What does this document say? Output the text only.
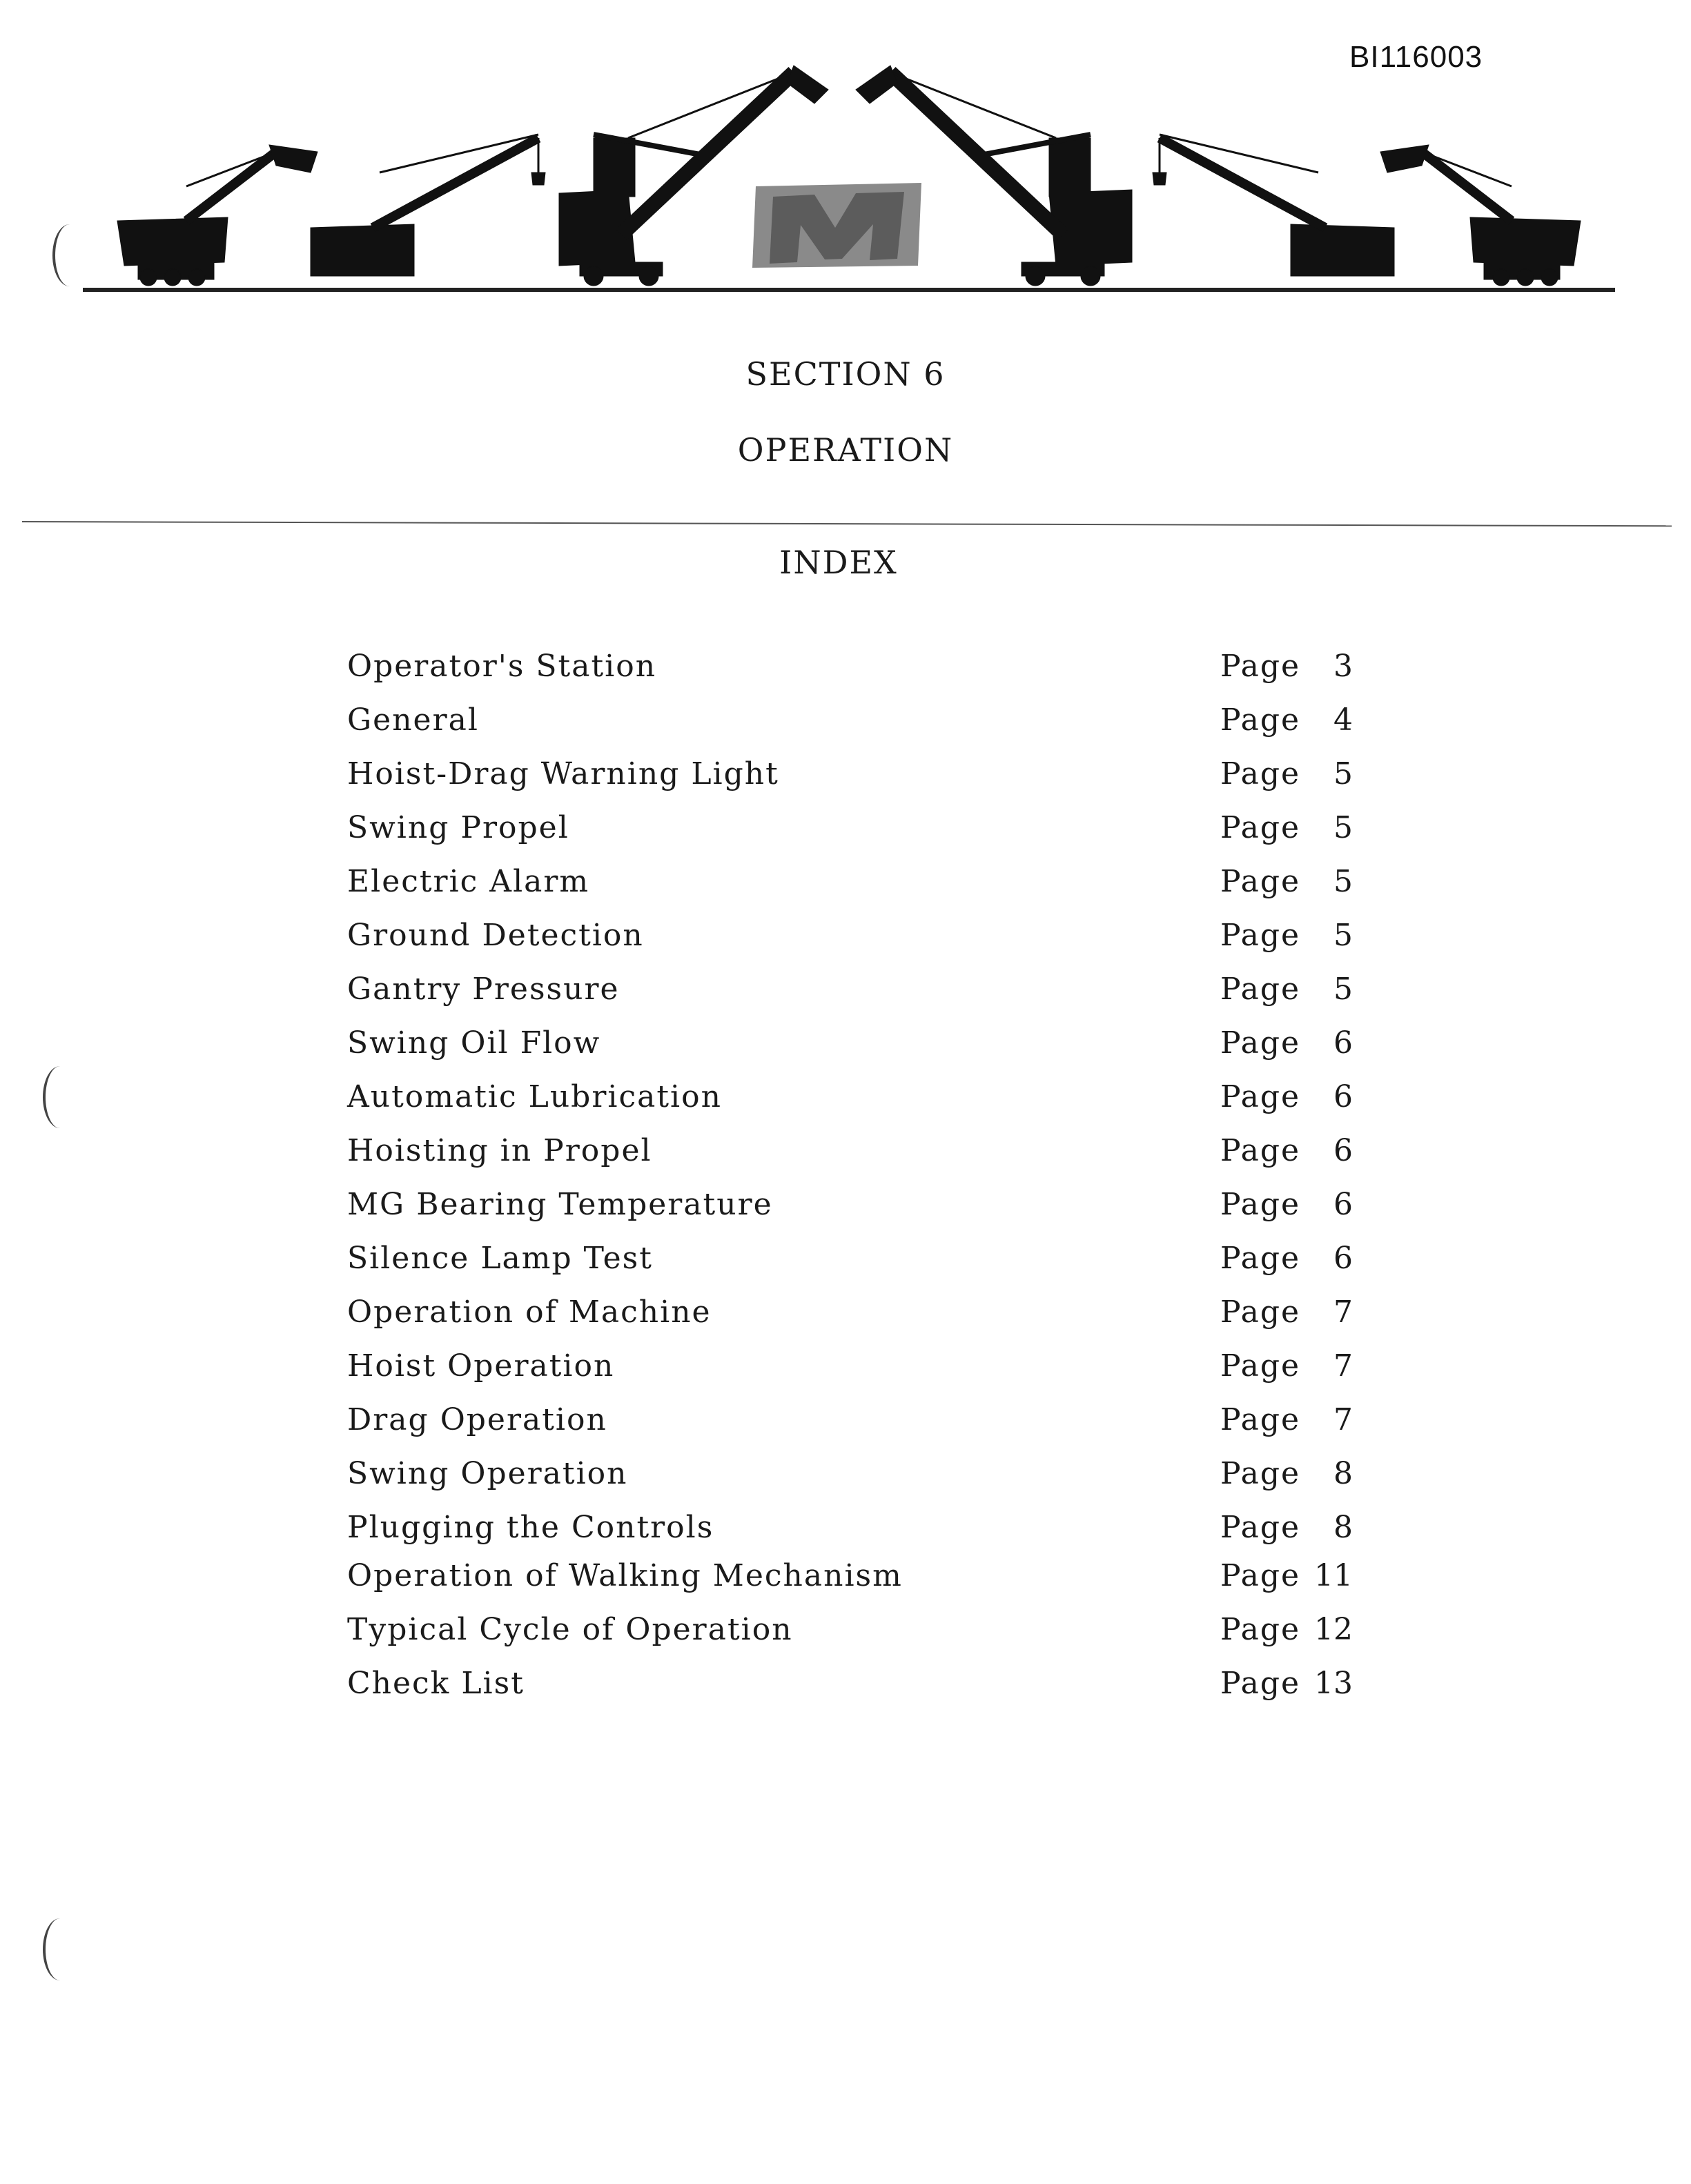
BI116003
SECTION 6
OPERATION
INDEX
Operator's Station	Page	3
General	Page	4
Hoist-Drag Warning Light	Page	5
Swing Propel	Page	5
Electric Alarm	Page	5
Ground Detection	Page	5
Gantry Pressure	Page	5
Swing Oil Flow	Page	6
Automatic Lubrication	Page	6
Hoisting in Propel	Page	6
MG Bearing Temperature	Page	6
Silence Lamp Test	Page	6
Operation of Machine	Page	7
Hoist Operation	Page	7
Drag Operation	Page	7
Swing Operation	Page	8
Plugging the Controls	Page	8
Operation of Walking Mechanism	Page 11
Typical Cycle of Operation	Page 12
Check List	Page 13
